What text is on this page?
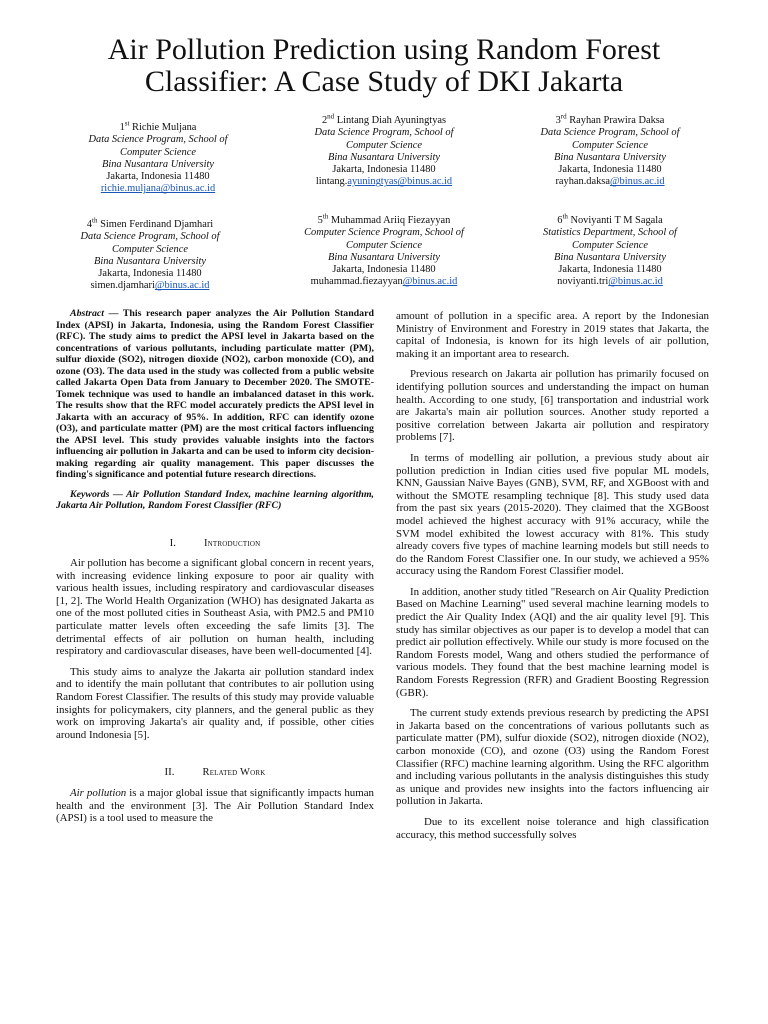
Air Pollution Prediction using Random Forest
Classifier: A Case Study of DKI Jakarta
1st Richie Muljana
Data Science Program, School of
Computer Science
Bina Nusantara University
Jakarta, Indonesia 11480
richie.muljana@binus.ac.id
2nd Lintang Diah Ayuningtyas
Data Science Program, School of
Computer Science
Bina Nusantara University
Jakarta, Indonesia 11480
lintang.ayuningtyas@binus.ac.id
3rd Rayhan Prawira Daksa
Data Science Program, School of
Computer Science
Bina Nusantara University
Jakarta, Indonesia 11480
rayhan.daksa@binus.ac.id
4th Simen Ferdinand Djamhari
Data Science Program, School of
Computer Science
Bina Nusantara University
Jakarta, Indonesia 11480
simen.djamhari@binus.ac.id
5th Muhammad Ariiq Fiezayyan
Computer Science Program, School of
Computer Science
Bina Nusantara University
Jakarta, Indonesia 11480
muhammad.fiezayyan@binus.ac.id
6th Noviyanti T M Sagala
Statistics Department, School of
Computer Science
Bina Nusantara University
Jakarta, Indonesia 11480
noviyanti.tri@binus.ac.id

Abstract — This research paper analyzes the Air Pollution Standard Index (APSI) in Jakarta, Indonesia, using the Random Forest Classifier (RFC). The study aims to predict the APSI level in Jakarta based on the concentrations of various pollutants, including particulate matter (PM), sulfur dioxide (SO2), nitrogen dioxide (NO2), carbon monoxide (CO), and ozone (O3). The data used in the study was collected from a public website called Jakarta Open Data from January to December 2020. The SMOTE-Tomek technique was used to handle an imbalanced dataset in this work. The results show that the RFC model accurately predicts the APSI level in Jakarta with an accuracy of 95%. In addition, RFC can identify ozone (O3), and particulate matter (PM) are the most critical factors influencing the APSI level. This study provides valuable insights into the factors influencing air pollution in Jakarta and can be used to inform city decision-making regarding air quality management. This paper discusses the finding's significance and potential future research directions.

Keywords — Air Pollution Standard Index, machine learning algorithm, Jakarta Air Pollution, Random Forest Classifier (RFC)

I.	Introduction

Air pollution has become a significant global concern in recent years, with increasing evidence linking exposure to poor air quality with various health issues, including respiratory and cardiovascular diseases [1, 2]. The World Health Organization (WHO) has designated Jakarta as one of the most polluted cities in Southeast Asia, with PM2.5 and PM10 particulate matter levels often exceeding the safe limits [3]. The detrimental effects of air pollution on human health, including respiratory and cardiovascular diseases, have been well-documented [4].

This study aims to analyze the Jakarta air pollution standard index and to identify the main pollutant that contributes to air pollution using Random Forest Classifier. The results of this study may provide valuable insights for policymakers, city planners, and the general public as they work on improving Jakarta's air quality and, if possible, other cities around Indonesia [5].

II.	Related Work

Air pollution is a major global issue that significantly impacts human health and the environment [3]. The Air Pollution Standard Index (APSI) is a tool used to measure the

amount of pollution in a specific area. A report by the Indonesian Ministry of Environment and Forestry in 2019 states that Jakarta, the capital of Indonesia, is known for its high levels of air pollution, making it an important area to research.

Previous research on Jakarta air pollution has primarily focused on identifying pollution sources and understanding the impact on human health. According to one study, [6] transportation and industrial work are Jakarta's main air pollution sources. Another study reported a positive correlation between Jakarta air pollution and respiratory problems [7].

In terms of modelling air pollution, a previous study about air pollution prediction in Indian cities used five popular ML models, KNN, Gaussian Naive Bayes (GNB), SVM, RF, and XGBoost with and without the SMOTE resampling technique [8]. This study used data from the past six years (2015-2020). They claimed that the XGBoost model achieved the highest accuracy with 91% accuracy, while the SVM model exhibited the lowest accuracy with 81%. This study already covers five types of machine learning models but still needs to do the Random Forest Classifier one. In our study, we achieved a 95% accuracy using the Random Forest Classifier model.

In addition, another study titled "Research on Air Quality Prediction Based on Machine Learning" used several machine learning models to predict the Air Quality Index (AQI) and the air quality level [9]. This study has similar objectives as our paper is to develop a model that can predict air pollution effectively. While our study is more focused on the Random Forests model, Wang and others studied the performance of various models. They found that the best machine learning model is Random Forests Regression (RFR) and Gradient Boosting Regression (GBR).

The current study extends previous research by predicting the APSI in Jakarta based on the concentrations of various pollutants such as particulate matter (PM), sulfur dioxide (SO2), nitrogen dioxide (NO2), carbon monoxide (CO), and ozone (O3) using the Random Forest Classifier (RFC) machine learning algorithm. Using the RFC algorithm and including various pollutants in the analysis distinguishes this study as unique and provides new insights into the factors influencing air pollution in Jakarta.

Due to its excellent noise tolerance and high classification accuracy, this method successfully solves
